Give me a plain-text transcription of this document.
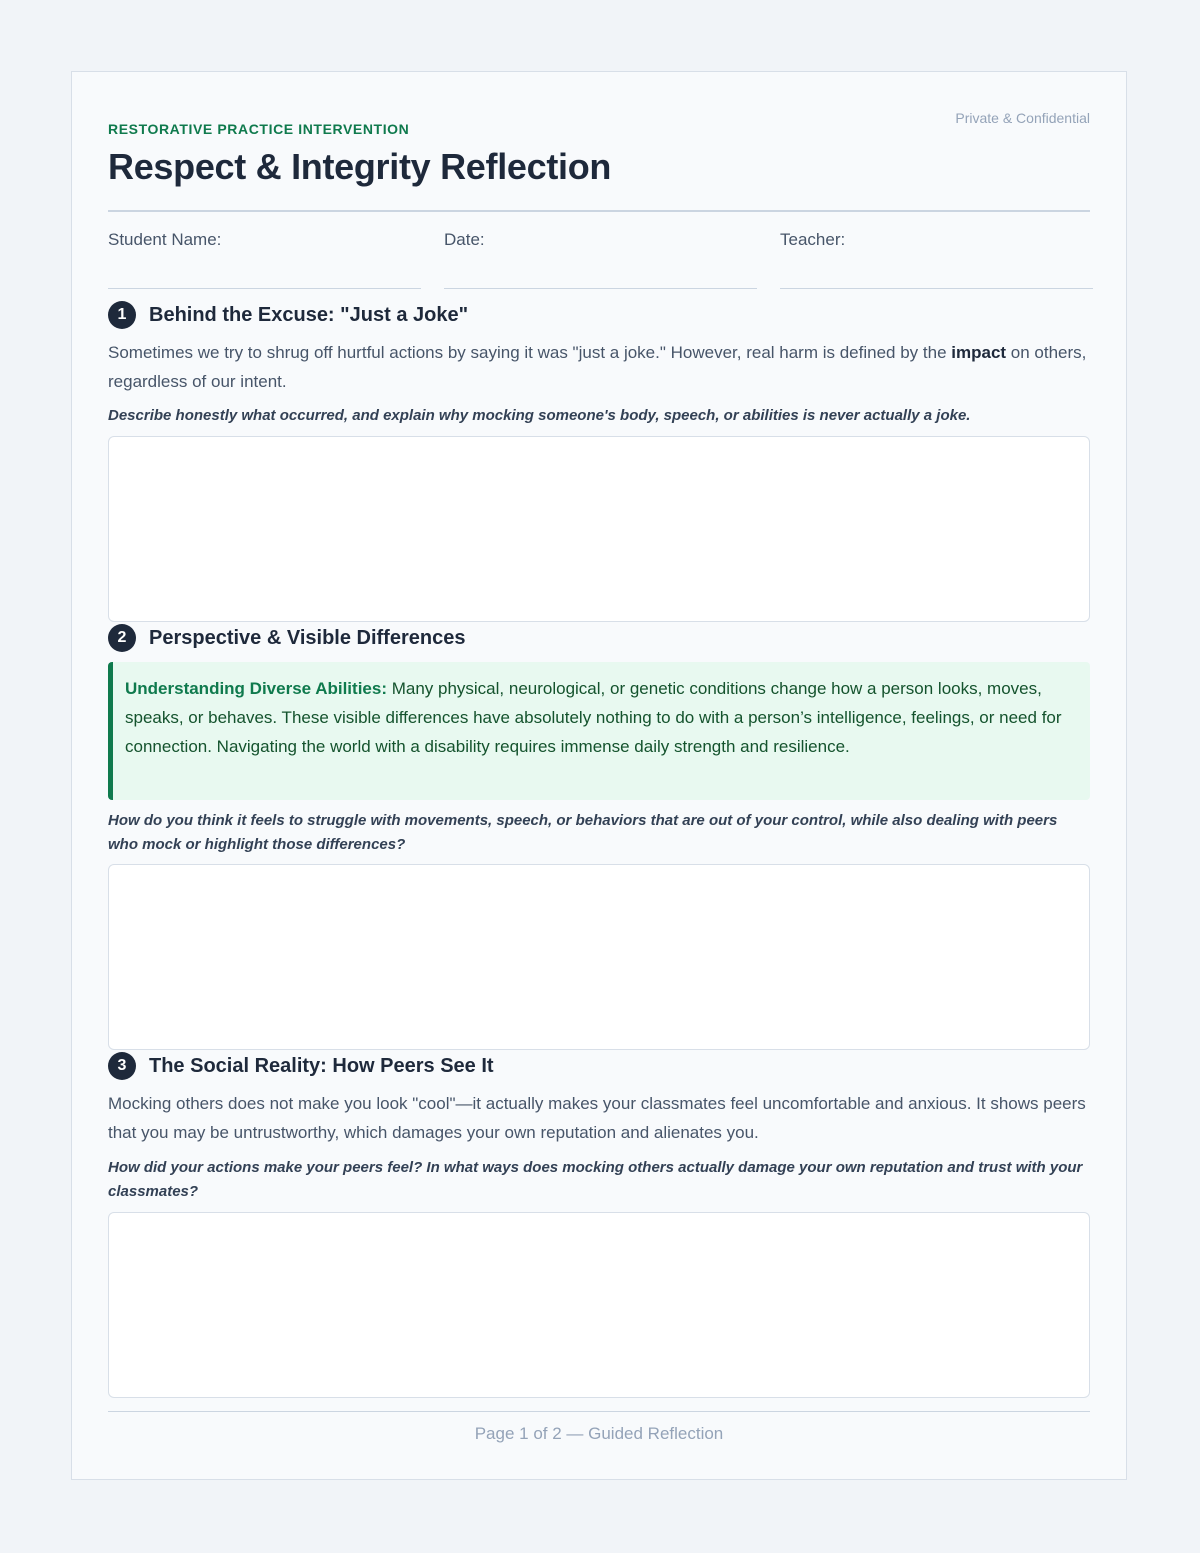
Private & Confidential
RESTORATIVE PRACTICE INTERVENTION
Respect & Integrity Reflection
Student Name:	Date:	Teacher:
1	Behind the Excuse: "Just a Joke"

Sometimes we try to shrug off hurtful actions by saying it was "just a joke." However, real harm is defined by the impact on others, regardless of our intent.

Describe honestly what occurred, and explain why mocking someone's body, speech, or abilities is never actually a joke.

2	Perspective & Visible Differences
Understanding Diverse Abilities: Many physical, neurological, or genetic conditions change how a person looks, moves, speaks, or behaves. These visible differences have absolutely nothing to do with a person’s intelligence, feelings, or need for connection. Navigating the world with a disability requires immense daily strength and resilience.

How do you think it feels to struggle with movements, speech, or behaviors that are out of your control, while also dealing with peers who mock or highlight those differences?

3	The Social Reality: How Peers See It

Mocking others does not make you look "cool"—it actually makes your classmates feel uncomfortable and anxious. It shows peers that you may be untrustworthy, which damages your own reputation and alienates you.

How did your actions make your peers feel? In what ways does mocking others actually damage your own reputation and trust with your classmates?

Page 1 of 2 — Guided Reflection
